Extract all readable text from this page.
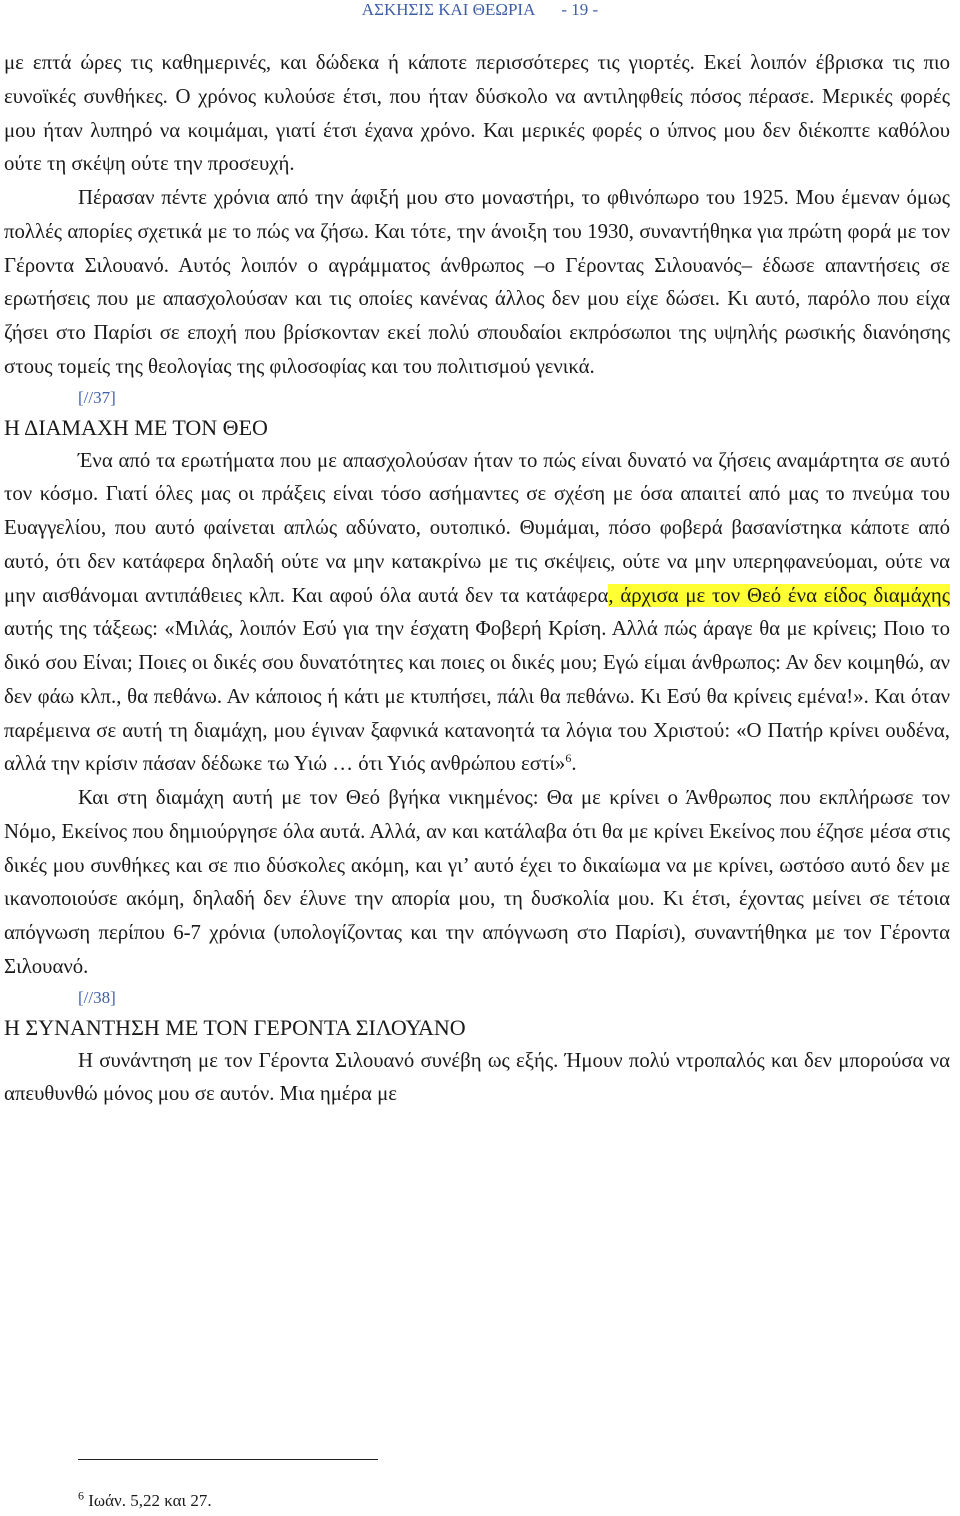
ΑΣΚΗΣΙΣ ΚΑΙ ΘΕΩΡΙΑ - 19 -

με επτά ώρες τις καθημερινές, και δώδεκα ή κάποτε περισσότερες τις γιορτές. Εκεί λοιπόν έβρισκα τις πιο ευνοϊκές συνθήκες. Ο χρόνος κυλούσε έτσι, που ήταν δύσκολο να αντιληφθείς πόσος πέρασε. Μερικές φορές μου ήταν λυπηρό να κοιμάμαι, γιατί έτσι έχανα χρόνο. Και μερικές φορές ο ύπνος μου δεν διέκοπτε καθόλου ούτε τη σκέψη ούτε την προσευχή.

Πέρασαν πέντε χρόνια από την άφιξή μου στο μοναστήρι, το φθινόπωρο του 1925. Μου έμεναν όμως πολλές απορίες σχετικά με το πώς να ζήσω. Και τότε, την άνοιξη του 1930, συναντήθηκα για πρώτη φορά με τον Γέροντα Σιλουανό. Αυτός λοιπόν ο αγράμματος άνθρωπος ‒ο Γέροντας Σιλουανός‒ έδωσε απαντήσεις σε ερωτήσεις που με απασχολούσαν και τις οποίες κανένας άλλος δεν μου είχε δώσει. Κι αυτό, παρόλο που είχα ζήσει στο Παρίσι σε εποχή που βρίσκονταν εκεί πολύ σπουδαίοι εκπρόσωποι της υψηλής ρωσικής διανόησης στους τομείς της θεολογίας της φιλοσοφίας και του πολιτισμού γενικά.

[//37]

Η ΔΙΑΜΑΧΗ ΜΕ ΤΟΝ ΘΕΟ

Ένα από τα ερωτήματα που με απασχολούσαν ήταν το πώς είναι δυνατό να ζήσεις αναμάρτητα σε αυτό τον κόσμο. Γιατί όλες μας οι πράξεις είναι τόσο ασήμαντες σε σχέση με όσα απαιτεί από μας το πνεύμα του Ευαγγελίου, που αυτό φαίνεται απλώς αδύνατο, ουτοπικό. Θυμάμαι, πόσο φοβερά βασανίστηκα κάποτε από αυτό, ότι δεν κατάφερα δηλαδή ούτε να μην κατακρίνω με τις σκέψεις, ούτε να μην υπερηφανεύομαι, ούτε να μην αισθάνομαι αντιπάθειες κλπ. Και αφού όλα αυτά δεν τα κατάφερα, άρχισα με τον Θεό ένα είδος διαμάχης αυτής της τάξεως: «Μιλάς, λοιπόν Εσύ για την έσχατη Φοβερή Κρίση. Αλλά πώς άραγε θα με κρίνεις; Ποιο το δικό σου Είναι; Ποιες οι δικές σου δυνατότητες και ποιες οι δικές μου; Εγώ είμαι άνθρωπος: Αν δεν κοιμηθώ, αν δεν φάω κλπ., θα πεθάνω. Αν κάποιος ή κάτι με κτυπήσει, πάλι θα πεθάνω. Κι Εσύ θα κρίνεις εμένα!». Και όταν παρέμεινα σε αυτή τη διαμάχη, μου έγιναν ξαφνικά κατανοητά τα λόγια του Χριστού: «Ο Πατήρ κρίνει ουδένα, αλλά την κρίσιν πάσαν δέδωκε τω Υιώ … ότι Υιός ανθρώπου εστί»$^6$.

Και στη διαμάχη αυτή με τον Θεό βγήκα νικημένος: Θα με κρίνει ο Άνθρωπος που εκπλήρωσε τον Νόμο, Εκείνος που δημιούργησε όλα αυτά. Αλλά, αν και κατάλαβα ότι θα με κρίνει Εκείνος που έζησε μέσα στις δικές μου συνθήκες και σε πιο δύσκολες ακόμη, και γι’ αυτό έχει το δικαίωμα να με κρίνει, ωστόσο αυτό δεν με ικανοποιούσε ακόμη, δηλαδή δεν έλυνε την απορία μου, τη δυσκολία μου. Κι έτσι, έχοντας μείνει σε τέτοια απόγνωση περίπου 6-7 χρόνια (υπολογίζοντας και την απόγνωση στο Παρίσι), συναντήθηκα με τον Γέροντα Σιλουανό.

[//38]

Η ΣΥΝΑΝΤΗΣΗ ΜΕ ΤΟΝ ΓΕΡΟΝΤΑ ΣΙΛΟΥΑΝΟ

Η συνάντηση με τον Γέροντα Σιλουανό συνέβη ως εξής. Ήμουν πολύ ντροπαλός και δεν μπορούσα να απευθυνθώ μόνος μου σε αυτόν. Μια ημέρα με

$^6$ Ιωάν. 5,22 και 27.
